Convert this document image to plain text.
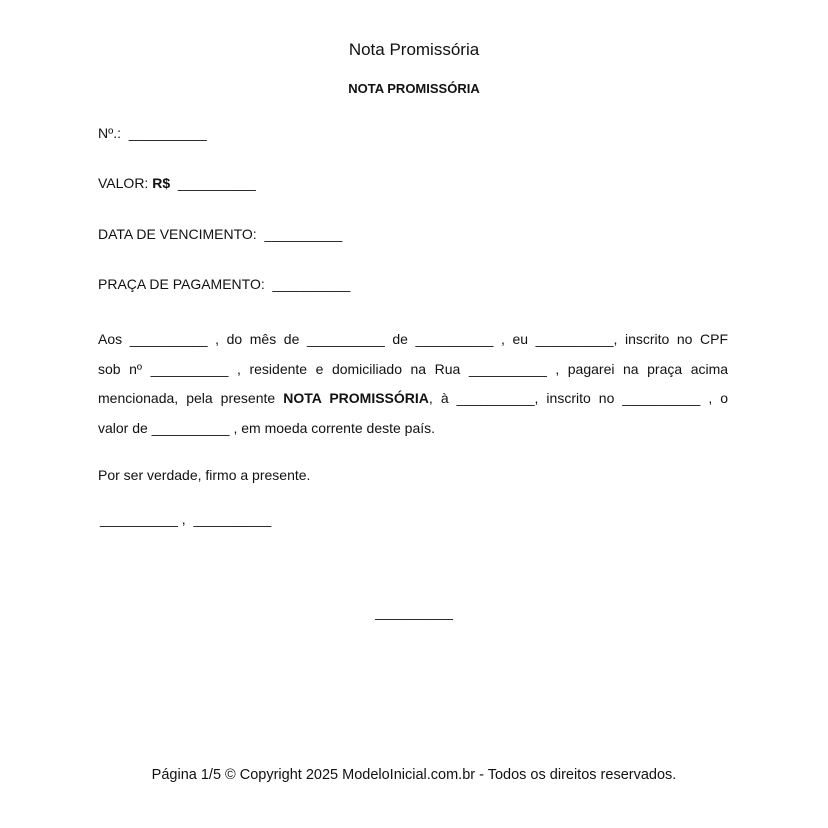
Nota Promissória
NOTA PROMISSÓRIA
Nº.: __________
VALOR: R$ __________
DATA DE VENCIMENTO: __________
PRAÇA DE PAGAMENTO: __________
Aos __________ , do mês de __________ de __________ , eu __________, inscrito no CPF
sob nº __________ , residente e domiciliado na Rua __________ , pagarei na praça acima
mencionada, pela presente NOTA PROMISSÓRIA, à __________, inscrito no __________ , o
valor de __________ , em moeda corrente deste país.
Por ser verdade, firmo a presente.
__________ , __________
__________
Página 1/5 © Copyright 2025 ModeloInicial.com.br - Todos os direitos reservados.
